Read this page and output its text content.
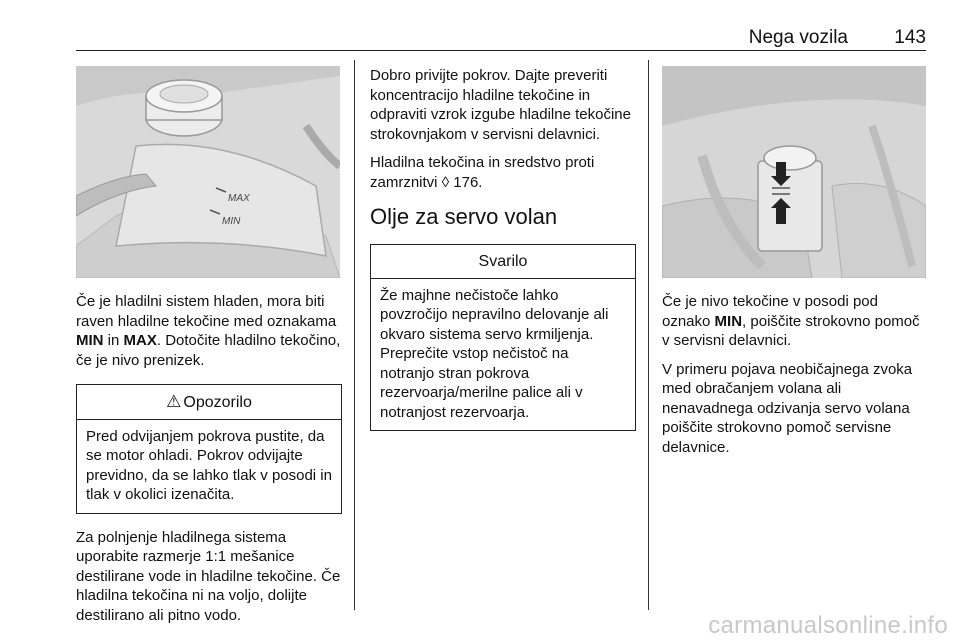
Nega vozila 143
MAX
MIN

Če je hladilni sistem hladen, mora biti raven hladilne tekočine med oznakama MIN in MAX. Dotočite hladilno tekočino, če je nivo prenizek.

⚠ Opozorilo
Pred odvijanjem pokrova pustite, da se motor ohladi. Pokrov odvijajte previdno, da se lahko tlak v posodi in tlak v okolici izenačita.

Za polnjenje hladilnega sistema uporabite razmerje 1:1 mešanice destilirane vode in hladilne tekočine. Če hladilna tekočina ni na voljo, dolijte destilirano ali pitno vodo.

Dobro privijte pokrov. Dajte preveriti koncentracijo hladilne tekočine in odpraviti vzrok izgube hladilne tekočine strokovnjakom v servisni delavnici.

Hladilna tekočina in sredstvo proti zamrznitvi ◊ 176.

Olje za servo volan
Svarilo
Že majhne nečistoče lahko povzročijo nepravilno delovanje ali okvaro sistema servo krmiljenja. Preprečite vstop nečistoč na notranjo stran pokrova rezervoarja/merilne palice ali v notranjost rezervoarja.

Če je nivo tekočine v posodi pod oznako MIN, poiščite strokovno pomoč v servisni delavnici.

V primeru pojava neobičajnega zvoka med obračanjem volana ali nenavadnega odzivanja servo volana poiščite strokovno pomoč servisne delavnice.

carmanualsonline.info
